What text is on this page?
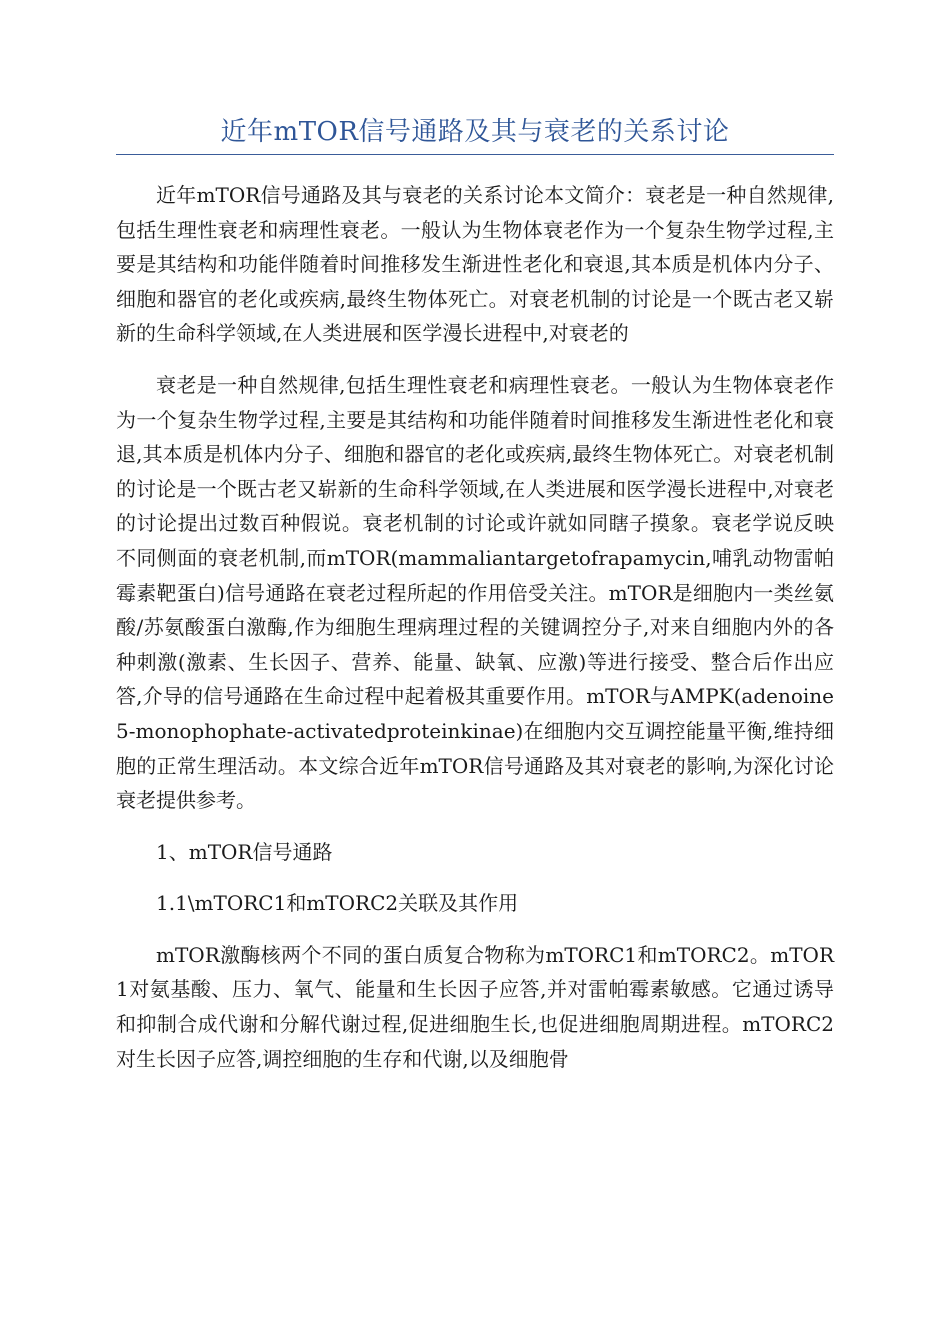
近年mTOR信号通路及其与衰老的关系讨论

近年mTOR信号通路及其与衰老的关系讨论本文简介：衰老是一种自然规律,包括生理性衰老和病理性衰老。一般认为生物体衰老作为一个复杂生物学过程,主要是其结构和功能伴随着时间推移发生渐进性老化和衰退,其本质是机体内分子、细胞和器官的老化或疾病,最终生物体死亡。对衰老机制的讨论是一个既古老又崭新的生命科学领域,在人类进展和医学漫长进程中,对衰老的

衰老是一种自然规律,包括生理性衰老和病理性衰老。一般认为生物体衰老作为一个复杂生物学过程,主要是其结构和功能伴随着时间推移发生渐进性老化和衰退,其本质是机体内分子、细胞和器官的老化或疾病,最终生物体死亡。对衰老机制的讨论是一个既古老又崭新的生命科学领域,在人类进展和医学漫长进程中,对衰老的讨论提出过数百种假说。衰老机制的讨论或许就如同瞎子摸象。衰老学说反映不同侧面的衰老机制,而mTOR(mammaliantargetofrapamycin,哺乳动物雷帕霉素靶蛋白)信号通路在衰老过程所起的作用倍受关注。mTOR是细胞内一类丝氨酸/苏氨酸蛋白激酶,作为细胞生理病理过程的关键调控分子,对来自细胞内外的各种刺激(激素、生长因子、营养、能量、缺氧、应激)等进行接受、整合后作出应答,介导的信号通路在生命过程中起着极其重要作用。mTOR与AMPK(adenoine5-monophophate-activatedproteinkinae)在细胞内交互调控能量平衡,维持细胞的正常生理活动。本文综合近年mTOR信号通路及其对衰老的影响,为深化讨论衰老提供参考。

1、mTOR信号通路

1.1\mTORC1和mTORC2关联及其作用

mTOR激酶核两个不同的蛋白质复合物称为mTORC1和mTORC2。mTOR1对氨基酸、压力、氧气、能量和生长因子应答,并对雷帕霉素敏感。它通过诱导和抑制合成代谢和分解代谢过程,促进细胞生长,也促进细胞周期进程。mTORC2对生长因子应答,调控细胞的生存和代谢,以及细胞骨
